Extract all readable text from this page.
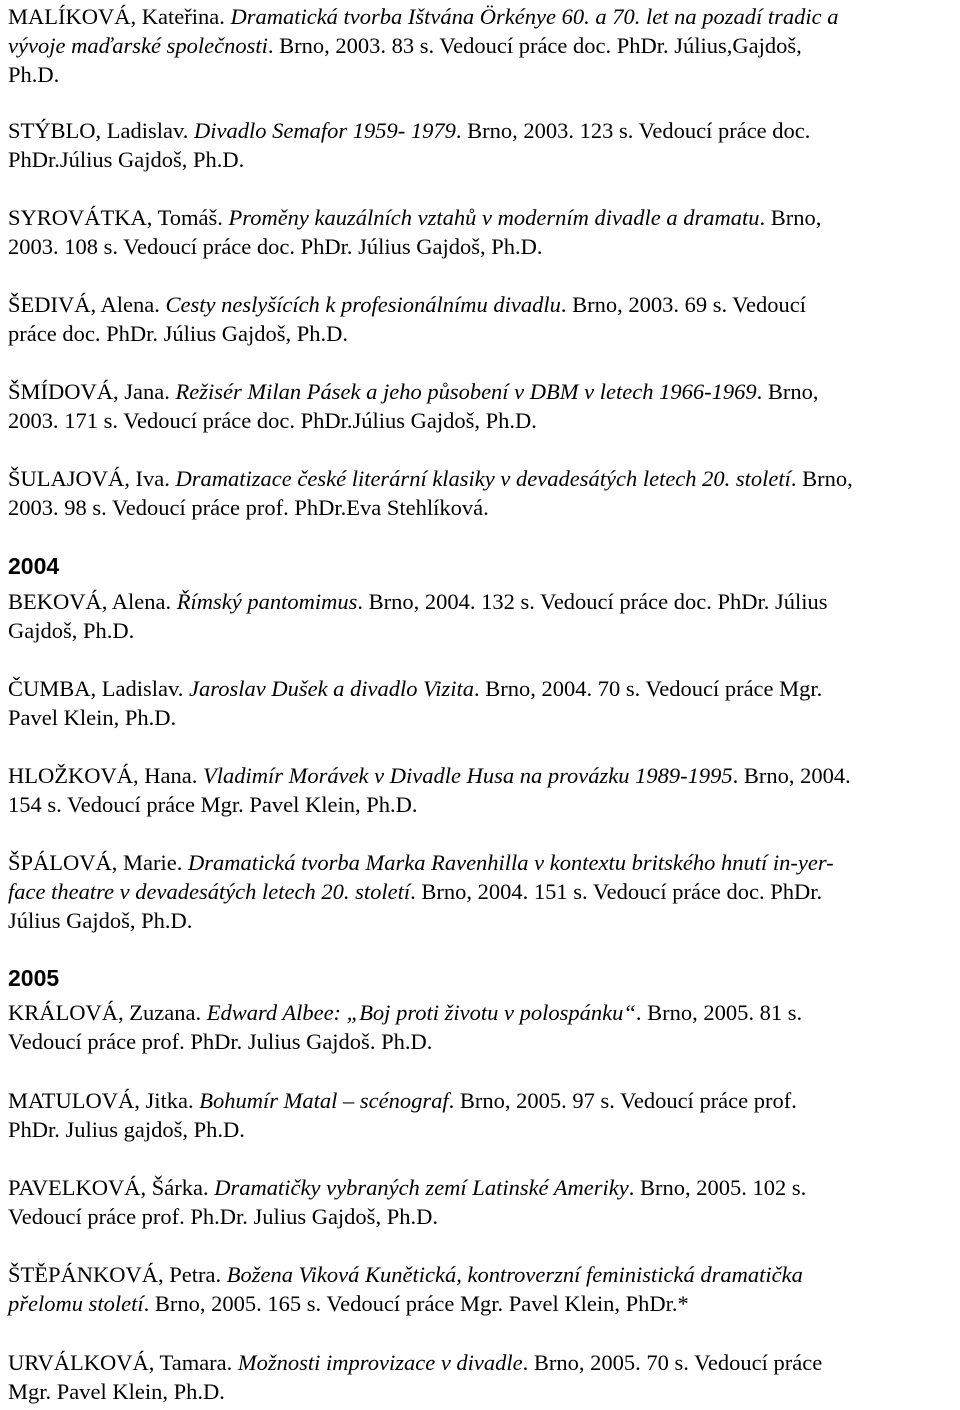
2004
2005
MALÍKOVÁ, Kateřina. Dramatická tvorba Ištvána Örkénye 60. a 70. let na pozadí tradic a
vývoje maďarské společnosti. Brno, 2003. 83 s. Vedoucí práce doc. PhDr. Július,Gajdoš,
Ph.D.
STÝBLO, Ladislav. Divadlo Semafor 1959- 1979. Brno, 2003. 123 s. Vedoucí práce doc.
PhDr.Július Gajdoš, Ph.D.
SYROVÁTKA, Tomáš. Proměny kauzálních vztahů v moderním divadle a dramatu. Brno,
2003. 108 s. Vedoucí práce doc. PhDr. Július Gajdoš, Ph.D.
ŠEDIVÁ, Alena. Cesty neslyšících k profesionálnímu divadlu. Brno, 2003. 69 s. Vedoucí
práce doc. PhDr. Július Gajdoš, Ph.D.
ŠMÍDOVÁ, Jana. Režisér Milan Pásek a jeho působení v DBM v letech 1966-1969. Brno,
2003. 171 s. Vedoucí práce doc. PhDr.Július Gajdoš, Ph.D.
ŠULAJOVÁ, Iva. Dramatizace české literární klasiky v devadesátých letech 20. století. Brno,
2003. 98 s. Vedoucí práce prof. PhDr.Eva Stehlíková.
BEKOVÁ, Alena. Římský pantomimus. Brno, 2004. 132 s. Vedoucí práce doc. PhDr. Július
Gajdoš, Ph.D.
ČUMBA, Ladislav. Jaroslav Dušek a divadlo Vizita. Brno, 2004. 70 s. Vedoucí práce Mgr.
Pavel Klein, Ph.D.
HLOŽKOVÁ, Hana. Vladimír Morávek v Divadle Husa na provázku 1989-1995. Brno, 2004.
154 s. Vedoucí práce Mgr. Pavel Klein, Ph.D.
ŠPÁLOVÁ, Marie. Dramatická tvorba Marka Ravenhilla v kontextu britského hnutí in-yer-
face theatre v devadesátých letech 20. století. Brno, 2004. 151 s. Vedoucí práce doc. PhDr.
Július Gajdoš, Ph.D.
KRÁLOVÁ, Zuzana. Edward Albee: „Boj proti životu v polospánku“. Brno, 2005. 81 s.
Vedoucí práce prof. PhDr. Julius Gajdoš. Ph.D.
MATULOVÁ, Jitka. Bohumír Matal – scénograf. Brno, 2005. 97 s. Vedoucí práce prof.
PhDr. Julius gajdoš, Ph.D.
PAVELKOVÁ, Šárka. Dramatičky vybraných zemí Latinské Ameriky. Brno, 2005. 102 s.
Vedoucí práce prof. Ph.Dr. Julius Gajdoš, Ph.D.
ŠTĚPÁNKOVÁ, Petra. Božena Viková Kunětická, kontroverzní feministická dramatička
přelomu století. Brno, 2005. 165 s. Vedoucí práce Mgr. Pavel Klein, PhDr.*
URVÁLKOVÁ, Tamara. Možnosti improvizace v divadle. Brno, 2005. 70 s. Vedoucí práce
Mgr. Pavel Klein, Ph.D.
